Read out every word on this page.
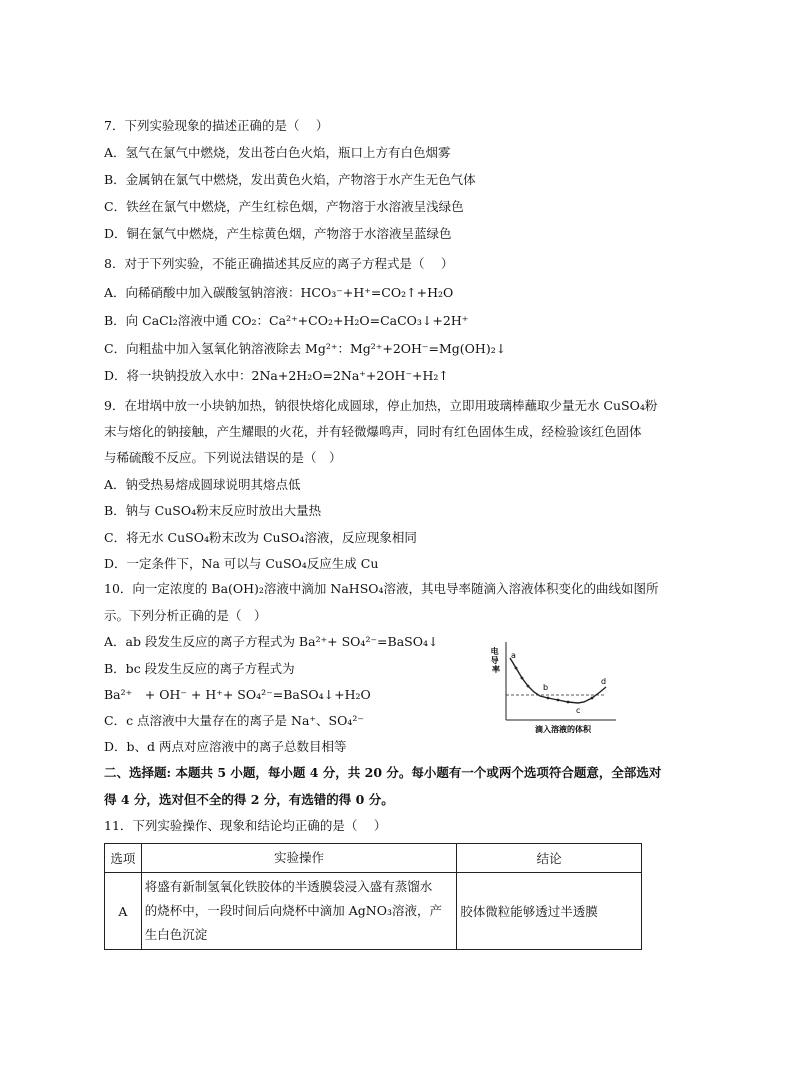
7．下列实验现象的描述正确的是（　 ）
A．氢气在氯气中燃烧，发出苍白色火焰，瓶口上方有白色烟雾
B．金属钠在氯气中燃烧，发出黄色火焰，产物溶于水产生无色气体
C．铁丝在氯气中燃烧，产生红棕色烟，产物溶于水溶液呈浅绿色
D．铜在氯气中燃烧，产生棕黄色烟，产物溶于水溶液呈蓝绿色
8．对于下列实验，不能正确描述其反应的离子方程式是（　 ）
A．向稀硝酸中加入碳酸氢钠溶液：HCO₃⁻+H⁺=CO₂↑+H₂O
B．向 CaCl₂溶液中通 CO₂：Ca²⁺+CO₂+H₂O=CaCO₃↓+2H⁺
C．向粗盐中加入氢氧化钠溶液除去 Mg²⁺：Mg²⁺+2OH⁻=Mg(OH)₂↓
D．将一块钠投放入水中：2Na+2H₂O=2Na⁺+2OH⁻+H₂↑
9．在坩埚中放一小块钠加热，钠很快熔化成圆球，停止加热，立即用玻璃棒蘸取少量无水 CuSO₄粉
末与熔化的钠接触，产生耀眼的火花，并有轻微爆鸣声，同时有红色固体生成，经检验该红色固体
与稀硫酸不反应。下列说法错误的是（　）
A．钠受热易熔成圆球说明其熔点低
B．钠与 CuSO₄粉末反应时放出大量热
C．将无水 CuSO₄粉末改为 CuSO₄溶液，反应现象相同
D．一定条件下，Na 可以与 CuSO₄反应生成 Cu
10．向一定浓度的 Ba(OH)₂溶液中滴加 NaHSO₄溶液，其电导率随滴入溶液体积变化的曲线如图所
示。下列分析正确的是（　）
A．ab 段发生反应的离子方程式为 Ba²⁺+ SO₄²⁻=BaSO₄↓
B．bc 段发生反应的离子方程式为
Ba²⁺　+ OH⁻ + H⁺+ SO₄²⁻=BaSO₄↓+H₂O
C．c 点溶液中大量存在的离子是 Na⁺、SO₄²⁻
D．b、d 两点对应溶液中的离子总数目相等
电 导 率
a
b
c
d
滴入溶液的体积
二、选择题: 本题共 5 小题，每小题 4 分，共 20 分。每小题有一个或两个选项符合题意，全部选对
得 4 分，选对但不全的得 2 分，有选错的得 0 分。
11．下列实验操作、现象和结论均正确的是（　 ）
选项	实验操作	结论
A	将盛有新制氢氧化铁胶体的半透膜袋浸入盛有蒸馏水
的烧杯中，一段时间后向烧杯中滴加 AgNO₃溶液，产
生白色沉淀	胶体微粒能够透过半透膜
